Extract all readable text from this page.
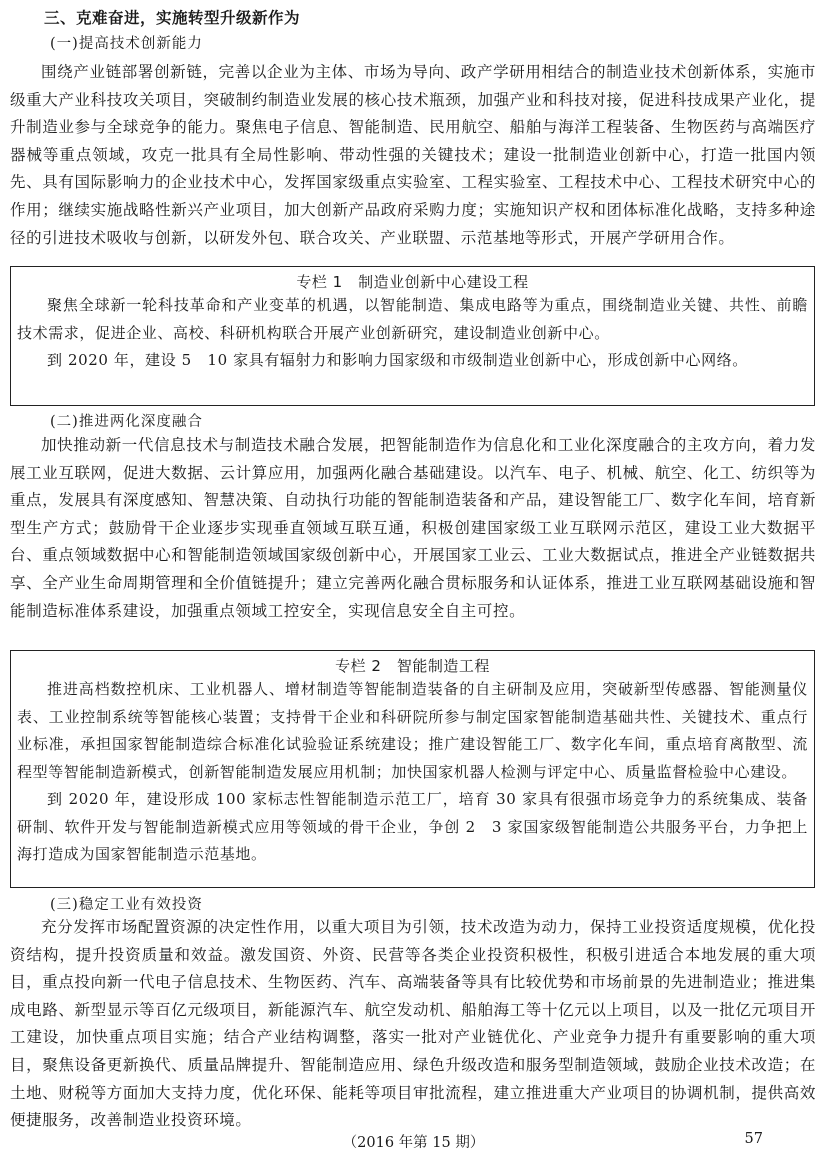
三、克难奋进，实施转型升级新作为
(一)提高技术创新能力

围绕产业链部署创新链，完善以企业为主体、市场为导向、政产学研用相结合的制造业技术创新体系，实施市级重大产业科技攻关项目，突破制约制造业发展的核心技术瓶颈，加强产业和科技对接，促进科技成果产业化，提升制造业参与全球竞争的能力。聚焦电子信息、智能制造、民用航空、船舶与海洋工程装备、生物医药与高端医疗器械等重点领域，攻克一批具有全局性影响、带动性强的关键技术；建设一批制造业创新中心，打造一批国内领先、具有国际影响力的企业技术中心，发挥国家级重点实验室、工程实验室、工程技术中心、工程技术研究中心的作用；继续实施战略性新兴产业项目，加大创新产品政府采购力度；实施知识产权和团体标准化战略，支持多种途径的引进技术吸收与创新，以研发外包、联合攻关、产业联盟、示范基地等形式，开展产学研用合作。

专栏 1　制造业创新中心建设工程

聚焦全球新一轮科技革命和产业变革的机遇，以智能制造、集成电路等为重点，围绕制造业关键、共性、前瞻技术需求，促进企业、高校、科研机构联合开展产业创新研究，建设制造业创新中心。

到 2020 年，建设 5　10 家具有辐射力和影响力国家级和市级制造业创新中心，形成创新中心网络。

(二)推进两化深度融合

加快推动新一代信息技术与制造技术融合发展，把智能制造作为信息化和工业化深度融合的主攻方向，着力发展工业互联网，促进大数据、云计算应用，加强两化融合基础建设。以汽车、电子、机械、航空、化工、纺织等为重点，发展具有深度感知、智慧决策、自动执行功能的智能制造装备和产品，建设智能工厂、数字化车间，培育新型生产方式；鼓励骨干企业逐步实现垂直领域互联互通，积极创建国家级工业互联网示范区，建设工业大数据平台、重点领域数据中心和智能制造领域国家级创新中心，开展国家工业云、工业大数据试点，推进全产业链数据共享、全产业生命周期管理和全价值链提升；建立完善两化融合贯标服务和认证体系，推进工业互联网基础设施和智能制造标准体系建设，加强重点领域工控安全，实现信息安全自主可控。

专栏 2　智能制造工程

推进高档数控机床、工业机器人、增材制造等智能制造装备的自主研制及应用，突破新型传感器、智能测量仪表、工业控制系统等智能核心装置；支持骨干企业和科研院所参与制定国家智能制造基础共性、关键技术、重点行业标准，承担国家智能制造综合标准化试验验证系统建设；推广建设智能工厂、数字化车间，重点培育离散型、流程型等智能制造新模式，创新智能制造发展应用机制；加快国家机器人检测与评定中心、质量监督检验中心建设。

到 2020 年，建设形成 100 家标志性智能制造示范工厂，培育 30 家具有很强市场竞争力的系统集成、装备研制、软件开发与智能制造新模式应用等领域的骨干企业，争创 2　3 家国家级智能制造公共服务平台，力争把上海打造成为国家智能制造示范基地。

(三)稳定工业有效投资

充分发挥市场配置资源的决定性作用，以重大项目为引领，技术改造为动力，保持工业投资适度规模，优化投资结构，提升投资质量和效益。激发国资、外资、民营等各类企业投资积极性，积极引进适合本地发展的重大项目，重点投向新一代电子信息技术、生物医药、汽车、高端装备等具有比较优势和市场前景的先进制造业；推进集成电路、新型显示等百亿元级项目，新能源汽车、航空发动机、船舶海工等十亿元以上项目，以及一批亿元项目开工建设，加快重点项目实施；结合产业结构调整，落实一批对产业链优化、产业竞争力提升有重要影响的重大项目，聚焦设备更新换代、质量品牌提升、智能制造应用、绿色升级改造和服务型制造领域，鼓励企业技术改造；在土地、财税等方面加大支持力度，优化环保、能耗等项目审批流程，建立推进重大产业项目的协调机制，提供高效便捷服务，改善制造业投资环境。

（2016 年第 15 期）	57
